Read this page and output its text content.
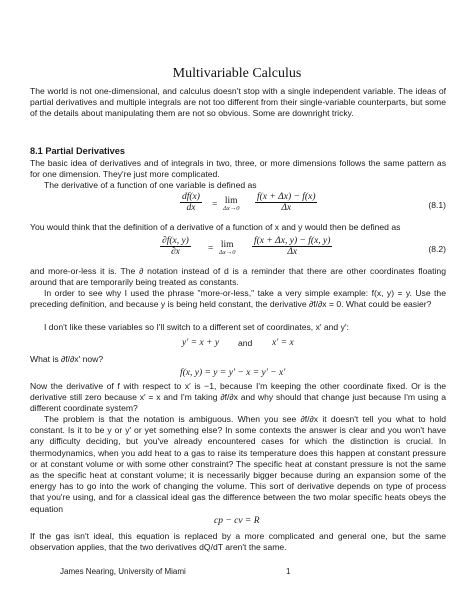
Multivariable Calculus

The world is not one-dimensional, and calculus doesn't stop with a single independent variable. The ideas of partial derivatives and multiple integrals are not too different from their single-variable counterparts, but some of the details about manipulating them are not so obvious. Some are downright tricky.

8.1 Partial Derivatives

The basic idea of derivatives and of integrals in two, three, or more dimensions follows the same pattern as for one dimension. They're just more complicated.

The derivative of a function of one variable is defined as

$\frac{df(x)}{dx} = \lim$
$\Delta x\to 0 \frac{f(x + \Delta x) - f(x)}{\Delta x}$	(8.1)

You would think that the definition of a derivative of a function of x and y would then be defined as

$\frac{\partial f(x, y)}{\partial x} = \lim$
$\Delta x\to 0 \frac{f(x + \Delta x, y) - f(x, y)}{\Delta x}$	(8.2)

and more-or-less it is. The ∂ notation instead of d is a reminder that there are other coordinates floating around that are temporarily being treated as constants.

In order to see why I used the phrase "more-or-less," take a very simple example: f(x, y) = y. Use the preceding definition, and because y is being held constant, the derivative ∂f/∂x = 0. What could be easier?

I don't like these variables so I'll switch to a different set of coordinates, x′ and y′:

y′ = x + y and x′ = x

What is ∂f/∂x′ now?

f(x, y) = y = y′ − x = y′ − x′

Now the derivative of f with respect to x′ is −1, because I'm keeping the other coordinate fixed. Or is the derivative still zero because x′ = x and I'm taking ∂f/∂x and why should that change just because I'm using a different coordinate system?

The problem is that the notation is ambiguous. When you see ∂f/∂x it doesn't tell you what to hold constant. Is it to be y or y′ or yet something else? In some contexts the answer is clear and you won't have any difficulty deciding, but you've already encountered cases for which the distinction is crucial. In thermodynamics, when you add heat to a gas to raise its temperature does this happen at constant pressure or at constant volume or with some other constraint? The specific heat at constant pressure is not the same as the specific heat at constant volume; it is necessarily bigger because during an expansion some of the energy has to go into the work of changing the volume. This sort of derivative depends on type of process that you're using, and for a classical ideal gas the difference between the two molar specific heats obeys the equation

cp − cv = R

If the gas isn't ideal, this equation is replaced by a more complicated and general one, but the same observation applies, that the two derivatives dQ/dT aren't the same.

James Nearing, University of Miami	1
